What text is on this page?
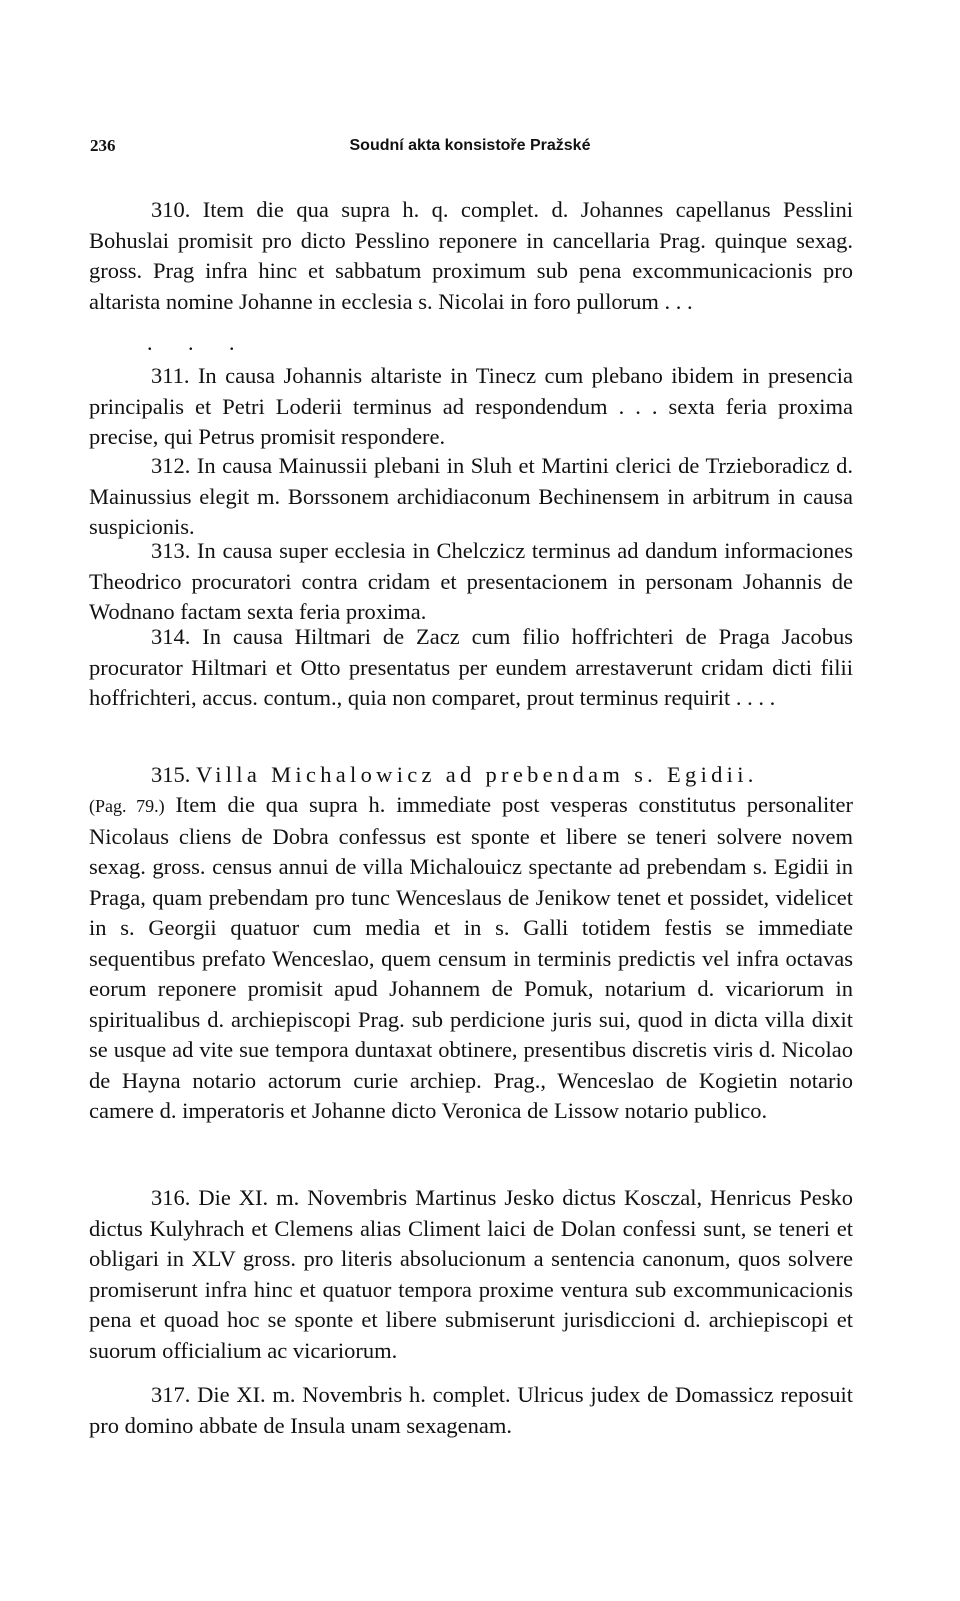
236	Soudní akta konsistoře Pražské

310. Item die qua supra h. q. complet. d. Johannes capellanus Pesslini Bohuslai promisit pro dicto Pesslino reponere in cancellaria Prag. quinque sexag. gross. Prag infra hinc et sabbatum proximum sub pena excommunicacionis pro altarista nomine Johanne in ecclesia s. Nicolai in foro pullorum . . .

. . .

311. In causa Johannis altariste in Tinecz cum plebano ibidem in presencia principalis et Petri Loderii terminus ad respondendum . . . sexta feria proxima precise, qui Petrus promisit respondere.

312. In causa Mainussii plebani in Sluh et Martini clerici de Trzieboradicz d. Mainussius elegit m. Borssonem archidiaconum Bechinensem in arbitrum in causa suspicionis.

313. In causa super ecclesia in Chelczicz terminus ad dandum informaciones Theodrico procuratori contra cridam et presentacionem in personam Johannis de Wodnano factam sexta feria proxima.

314. In causa Hiltmari de Zacz cum filio hoffrichteri de Praga Jacobus procurator Hiltmari et Otto presentatus per eundem arrestaverunt cridam dicti filii hoffrichteri, accus. contum., quia non comparet, prout terminus requirit . . . .

315. Villa Michalowicz ad prebendam s. Egidii.

(Pag. 79.) Item die qua supra h. immediate post vesperas constitutus personaliter Nicolaus cliens de Dobra confessus est sponte et libere se teneri solvere novem sexag. gross. census annui de villa Michalouicz spectante ad prebendam s. Egidii in Praga, quam prebendam pro tunc Wenceslaus de Jenikow tenet et possidet, videlicet in s. Georgii quatuor cum media et in s. Galli totidem festis se immediate sequentibus prefato Wenceslao, quem censum in terminis predictis vel infra octavas eorum reponere promisit apud Johannem de Pomuk, notarium d. vicariorum in spiritualibus d. archiepiscopi Prag. sub perdicione juris sui, quod in dicta villa dixit se usque ad vite sue tempora duntaxat obtinere, presentibus discretis viris d. Nicolao de Hayna notario actorum curie archiep. Prag., Wenceslao de Kogietin notario camere d. imperatoris et Johanne dicto Veronica de Lissow notario publico.

316. Die XI. m. Novembris Martinus Jesko dictus Kosczal, Henricus Pesko dictus Kulyhrach et Clemens alias Climent laici de Dolan confessi sunt, se teneri et obligari in XLV gross. pro literis absolucionum a sentencia canonum, quos solvere promiserunt infra hinc et quatuor tempora proxime ventura sub excommunicacionis pena et quoad hoc se sponte et libere submiserunt jurisdiccioni d. archiepiscopi et suorum officialium ac vicariorum.

317. Die XI. m. Novembris h. complet. Ulricus judex de Domassicz reposuit pro domino abbate de Insula unam sexagenam.
